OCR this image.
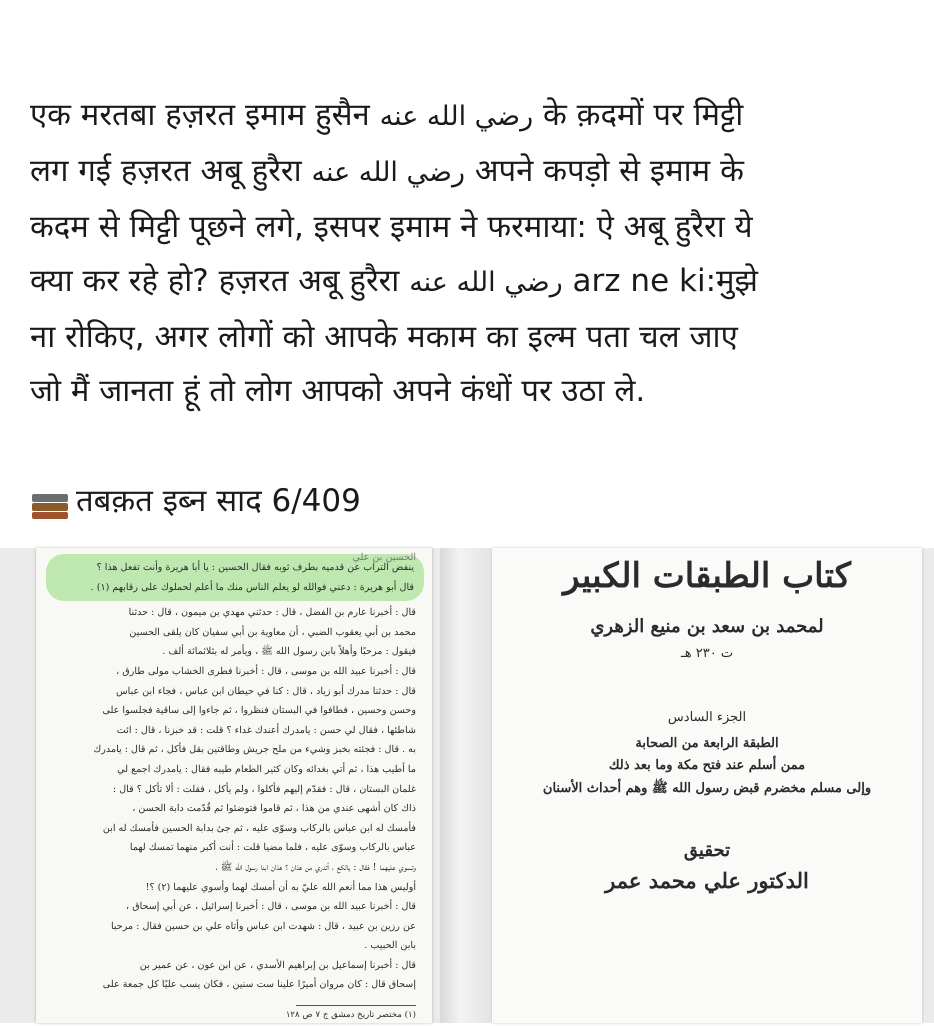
एक मरतबा हज़रत इमाम हुसैन رضي الله عنه के क़दमों पर मिट्टी
लग गई हज़रत अबू हुरैरा رضي الله عنه अपने कपड़ो से इमाम के
कदम से मिट्टी पूछने लगे, इसपर इमाम ने फरमाया: ऐ अबू हुरैरा ये
क्या कर रहे हो? हज़रत अबू हुरैरा رضي الله عنه arz ne ki:मुझे
ना रोकिए, अगर लोगों को आपके मकाम का इल्म पता चल जाए
जो मैं जानता हूं तो लोग आपको अपने कंधों पर उठा ले.
तबक़त इब्न साद 6/409

ينفض التراب عن قدميه بطرف ثوبه فقال الحسين : يا أبا هريرة وأنت تفعل هذا ؟

قال أبو هريرة : دعني فوالله لو يعلم الناس منك ما أعلم لحملوك على رقابهم (١) .

قال : أخبرنا عارم بن الفضل ، قال : حدثني مهدي بن ميمون ، قال : حدثنا

محمد بن أبي يعقوب الضبي ، أن معاوية بن أبي سفيان كان يلقى الحسين

فيقول : مرحبًا وأهلاً بابن رسول الله ﷺ ، ويأمر له بثلاثمائة ألف .

قال : أخبرنا عبيد الله بن موسى ، قال : أخبرنا فطرى الخشاب مولى طارق ،

قال : حدثنا مدرك أبو زياد ، قال : كنا في حيطان ابن عباس ، فجاء ابن عباس

وحسن وحسين ، فطافوا في البستان فنظروا ، ثم جاءوا إلى ساقية فجلسوا على

شاطئها ، فقال لي حسن : يامدرك أعندك غداء ؟ قلت : قد خبزنا ، قال : ائت

به . قال : فجئته بخبز وشيء من ملح جريش وطاقتين بقل فأكل ، ثم قال : يامدرك

ما أطيب هذا ، ثم أتي بغدائه وكان كثير الطعام طيبه فقال : يامدرك اجمع لي

غلمان البستان ، قال : فقدّم إليهم فأكلوا ، ولم يأكل ، فقلت : ألا تأكل ؟ قال :

ذاك كان أشهى عندي من هذا ، ثم قاموا فتوضئوا ثم قُدّمت دابة الحسن ،

فأمسك له ابن عباس بالركاب وسوّى عليه ، ثم جئ بدابة الحسين فأمسك له ابن

عباس بالركاب وسوّى عليه ، فلما مضيا قلت : أنت أكبر منهما تمسك لهما

وتسوي عليهما ! فقال : يالكع ، أتدري من هذان ؟ هذان ابنا رسول الله ﷺ ،

أوليس هذا مما أنعم الله عليّ به أن أمسك لهما وأسوي عليهما (٢) ؟!

قال : أخبرنا عبيد الله بن موسى ، قال : أخبرنا إسرائيل ، عن أبي إسحاق ،

عن رزين بن عبيد ، قال : شهدت ابن عباس وأتاه علي بن حسين فقال : مرحبا

بابن الحبيب .

قال : أخبرنا إسماعيل بن إبراهيم الأسدي ، عن ابن عون ، عن عمير بن

إسحاق قال : كان مروان أميرًا علينا ست سنين ، فكان يسب عليًا كل جمعة على

(١) مختصر تاريخ دمشق ج ٧ ص ١٢٨
كتاب الطبقات الكبير
لمحمد بن سعد بن منيع الزهري
ت ٢٣٠ هـ
الجزء السادس
الطبقة الرابعة من الصحابة
ممن أسلم عند فتح مكة وما بعد ذلك
وإلى مسلم مخضرم قبض رسول الله ﷺ وهم أحداث الأسنان
تحقيق
الدكتور علي محمد عمر
